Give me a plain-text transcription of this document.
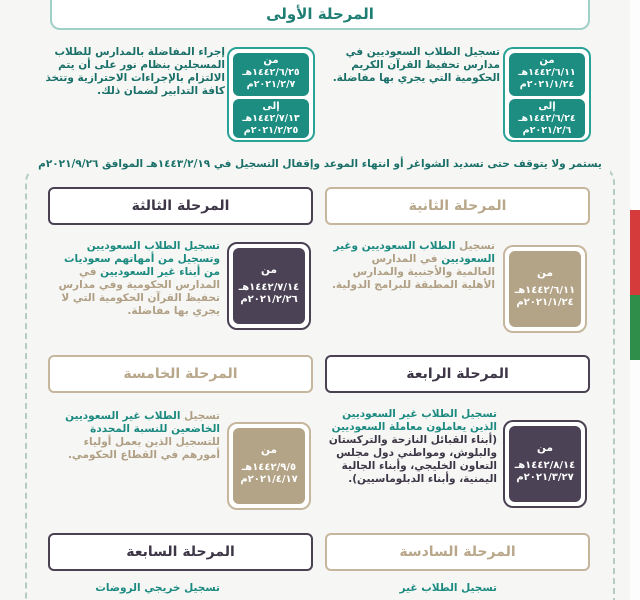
المرحلة الأولى
من
١٤٤٢/٦/١١هـ
٢٠٢١/١/٢٤م
إلى
١٤٤٢/٦/٢٤هـ
٢٠٢١/٢/٦م
تسجيل الطلاب السعوديين في مدارس تحفيظ القرآن الكريم الحكومية التي يجري بها مفاضلة.
من
١٤٤٢/٦/٢٥هـ
٢٠٢١/٢/٧م
إلى
١٤٤٢/٧/١٣هـ
٢٠٢١/٢/٢٥م
إجراء المفاضلة بالمدارس للطلاب المسجلين بنظام نور على أن يتم الالتزام بالإجراءات الاحترازية وتتخذ كافة التدابير لضمان ذلك.
يستمر ولا يتوقف حتى تسديد الشواغر أو انتهاء الموعد وإقفال التسجيل في ١٤٤٣/٢/١٩هـ الموافق ٢٠٢١/٩/٢٦م
المرحلة الثانية
من
١٤٤٢/٦/١١هـ
٢٠٢١/١/٢٤م
تسجيل الطلاب السعوديين وغير السعوديين في المدارس العالمية والأجنبية والمدارس الأهلية المطبقة للبرامج الدولية.
المرحلة الثالثة
من
١٤٤٢/٧/١٤هـ
٢٠٢١/٢/٢٦م
تسجيل الطلاب السعوديين وتسجيل من أمهاتهم سعوديات من أبناء غير السعوديين في المدارس الحكومية وفي مدارس تحفيظ القرآن الحكومية التي لا يجري بها مفاضلة.
المرحلة الرابعة
من
١٤٤٢/٨/١٤هـ
٢٠٢١/٣/٢٧م
تسجيل الطلاب غير السعوديين الذين يعاملون معاملة السعوديين (أبناء القبائل النازحة والتركستان والبلوش، ومواطني دول مجلس التعاون الخليجي، وأبناء الجالية اليمنية، وأبناء الدبلوماسيين).
المرحلة الخامسة
من
١٤٤٢/٩/٥هـ
٢٠٢١/٤/١٧م
تسجيل الطلاب غير السعوديين الخاضعين للنسبة المحددة للتسجيل الذين يعمل أولياء أمورهم في القطاع الحكومي.
المرحلة السادسة
تسجيل الطلاب غير
المرحلة السابعة
تسجيل خريجي الروضات
